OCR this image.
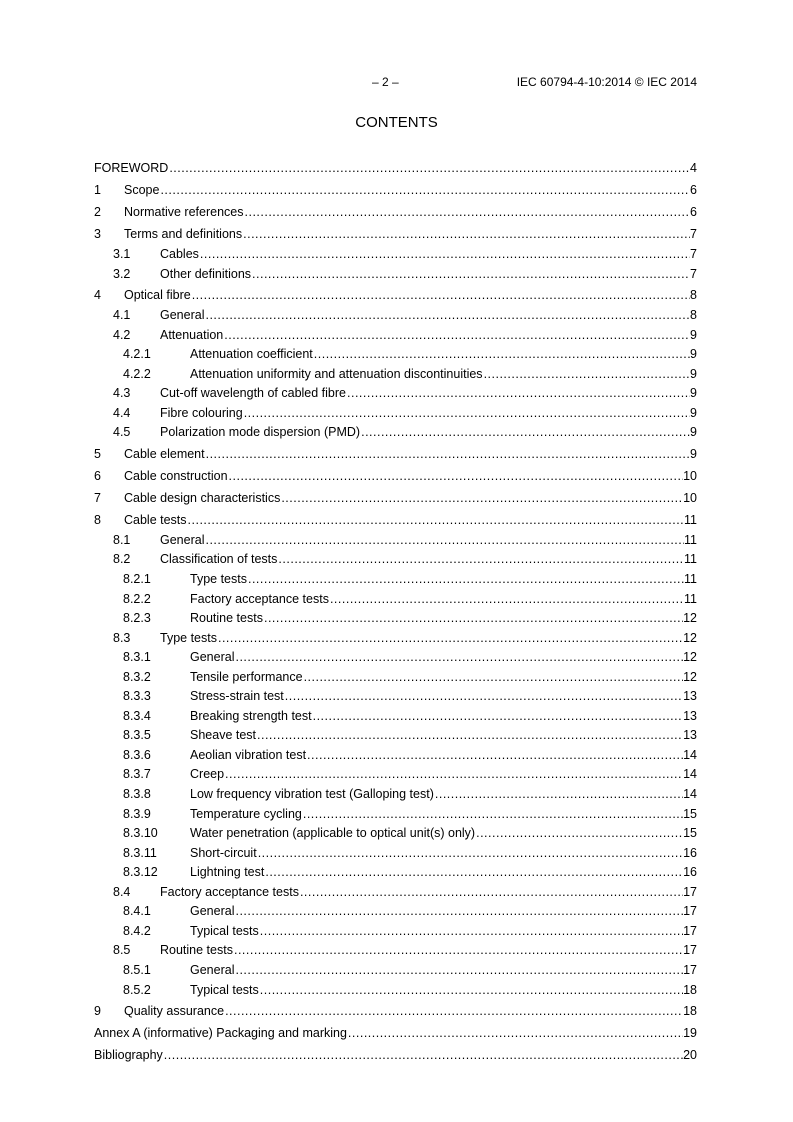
– 2 –	IEC 60794-4-10:2014 © IEC 2014
CONTENTS
FOREWORD .....	4
1 Scope .....	6
2 Normative references .....	6
3 Terms and definitions .....	7
3.1 Cables .....	7
3.2 Other definitions .....	7
4 Optical fibre .....	8
4.1 General .....	8
4.2 Attenuation .....	9
4.2.1	Attenuation coefficient .....	9
4.2.2	Attenuation uniformity and attenuation discontinuities .....	9
4.3 Cut-off wavelength of cabled fibre .....	9
4.4 Fibre colouring .....	9
4.5 Polarization mode dispersion (PMD) .....	9
5 Cable element .....	9
6 Cable construction .....	10
7 Cable design characteristics .....	10
8 Cable tests .....	11
8.1 General .....	11
8.2 Classification of tests .....	11
8.2.1	Type tests .....	11
8.2.2	Factory acceptance tests .....	11
8.2.3	Routine tests .....	12
8.3 Type tests .....	12
8.3.1	General .....	12
8.3.2	Tensile performance .....	12
8.3.3	Stress-strain test .....	13
8.3.4	Breaking strength test .....	13
8.3.5	Sheave test .....	13
8.3.6	Aeolian vibration test .....	14
8.3.7	Creep .....	14
8.3.8	Low frequency vibration test (Galloping test) .....	14
8.3.9	Temperature cycling .....	15
8.3.10	Water penetration (applicable to optical unit(s) only) .....	15
8.3.11	Short-circuit .....	16
8.3.12	Lightning test .....	16
8.4 Factory acceptance tests .....	17
8.4.1	General .....	17
8.4.2	Typical tests .....	17
8.5 Routine tests .....	17
8.5.1	General .....	17
8.5.2	Typical tests .....	18
9 Quality assurance .....	18
Annex A (informative) Packaging and marking .....	19
Bibliography .....	20
